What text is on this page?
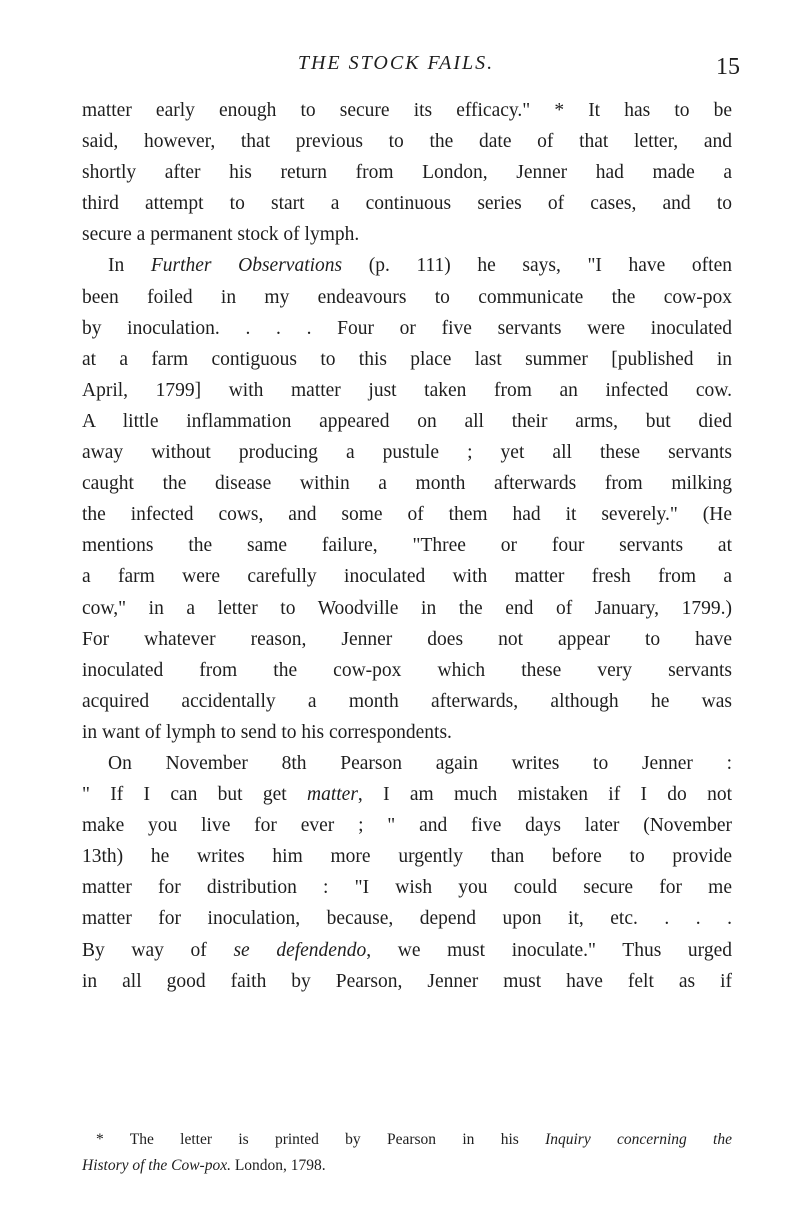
THE STOCK FAILS.	15
matter early enough to secure its efficacy." * It has to be
said, however, that previous to the date of that letter, and
shortly after his return from London, Jenner had made a
third attempt to start a continuous series of cases, and to
secure a permanent stock of lymph.
In Further Observations (p. 111) he says, "I have often
been foiled in my endeavours to communicate the cow-pox
by inoculation. . . . Four or five servants were inoculated
at a farm contiguous to this place last summer [published in
April, 1799] with matter just taken from an infected cow.
A little inflammation appeared on all their arms, but died
away without producing a pustule ; yet all these servants
caught the disease within a month afterwards from milking
the infected cows, and some of them had it severely." (He
mentions the same failure, "Three or four servants at
a farm were carefully inoculated with matter fresh from a
cow," in a letter to Woodville in the end of January, 1799.)
For whatever reason, Jenner does not appear to have
inoculated from the cow-pox which these very servants
acquired accidentally a month afterwards, although he was
in want of lymph to send to his correspondents.
On November 8th Pearson again writes to Jenner :
" If I can but get matter, I am much mistaken if I do not
make you live for ever ; " and five days later (November
13th) he writes him more urgently than before to provide
matter for distribution : "I wish you could secure for me
matter for inoculation, because, depend upon it, etc. . . .
By way of se defendendo, we must inoculate." Thus urged
in all good faith by Pearson, Jenner must have felt as if
* The letter is printed by Pearson in his Inquiry concerning the
History of the Cow-pox. London, 1798.
